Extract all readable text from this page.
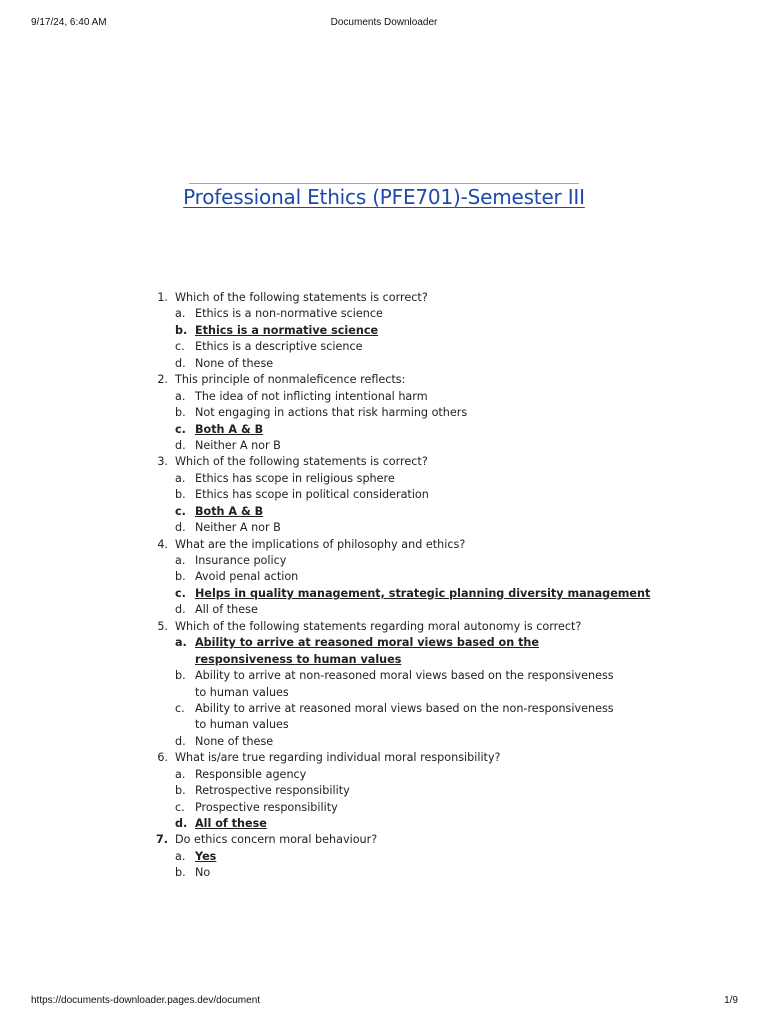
9/17/24, 6:40 AM	Documents Downloader
Professional Ethics (PFE701)-Semester III
1. Which of the following statements is correct?
a. Ethics is a non-normative science
b. Ethics is a normative science
c. Ethics is a descriptive science
d. None of these
2. This principle of nonmaleficence reflects:
a. The idea of not inflicting intentional harm
b. Not engaging in actions that risk harming others
c. Both A & B
d. Neither A nor B
3. Which of the following statements is correct?
a. Ethics has scope in religious sphere
b. Ethics has scope in political consideration
c. Both A & B
d. Neither A nor B
4. What are the implications of philosophy and ethics?
a. Insurance policy
b. Avoid penal action
c. Helps in quality management, strategic planning diversity management
d. All of these
5. Which of the following statements regarding moral autonomy is correct?
a. Ability to arrive at reasoned moral views based on the responsiveness to human values
b. Ability to arrive at non-reasoned moral views based on the responsiveness to human values
c. Ability to arrive at reasoned moral views based on the non-responsiveness to human values
d. None of these
6. What is/are true regarding individual moral responsibility?
a. Responsible agency
b. Retrospective responsibility
c. Prospective responsibility
d. All of these
7. Do ethics concern moral behaviour?
a. Yes
b. No
https://documents-downloader.pages.dev/document	1/9
